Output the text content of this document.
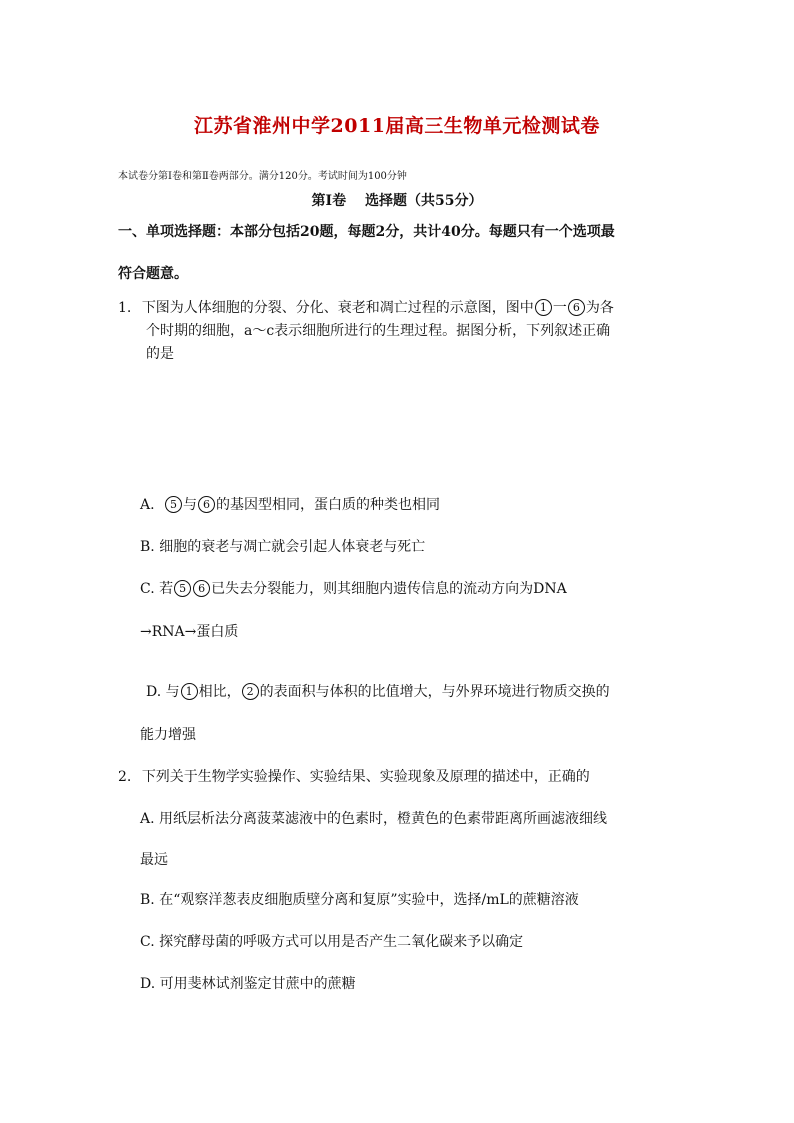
江苏省淮州中学2011届高三生物单元检测试卷
本试卷分第Ⅰ卷和第Ⅱ卷两部分。满分120分。考试时间为100分钟
第Ⅰ卷　 选择题（共55分）
一、单项选择题：本部分包括20题，每题2分，共计40分。每题只有一个选项最
符合题意。
1. 下图为人体细胞的分裂、分化、衰老和凋亡过程的示意图，图中 1 一 6 为各
个时期的细胞，a～c表示细胞所进行的生理过程。据图分析，下列叙述正确
的是
A. 5 与 6 的基因型相同，蛋白质的种类也相同
B. 细胞的衰老与凋亡就会引起人体衰老与死亡
C. 若 5 6 已失去分裂能力，则其细胞内遗传信息的流动方向为DNA
→RNA→蛋白质
D. 与 1 相比， 2 的表面积与体积的比值增大，与外界环境进行物质交换的
能力增强
2. 下列关于生物学实验操作、实验结果、实验现象及原理的描述中，正确的
A. 用纸层析法分离菠菜滤液中的色素时，橙黄色的色素带距离所画滤液细线
最远
B. 在“观察洋葱表皮细胞质壁分离和复原”实验中，选择/mL的蔗糖溶液
C. 探究酵母菌的呼吸方式可以用是否产生二氧化碳来予以确定
D. 可用斐林试剂鉴定甘蔗中的蔗糖
